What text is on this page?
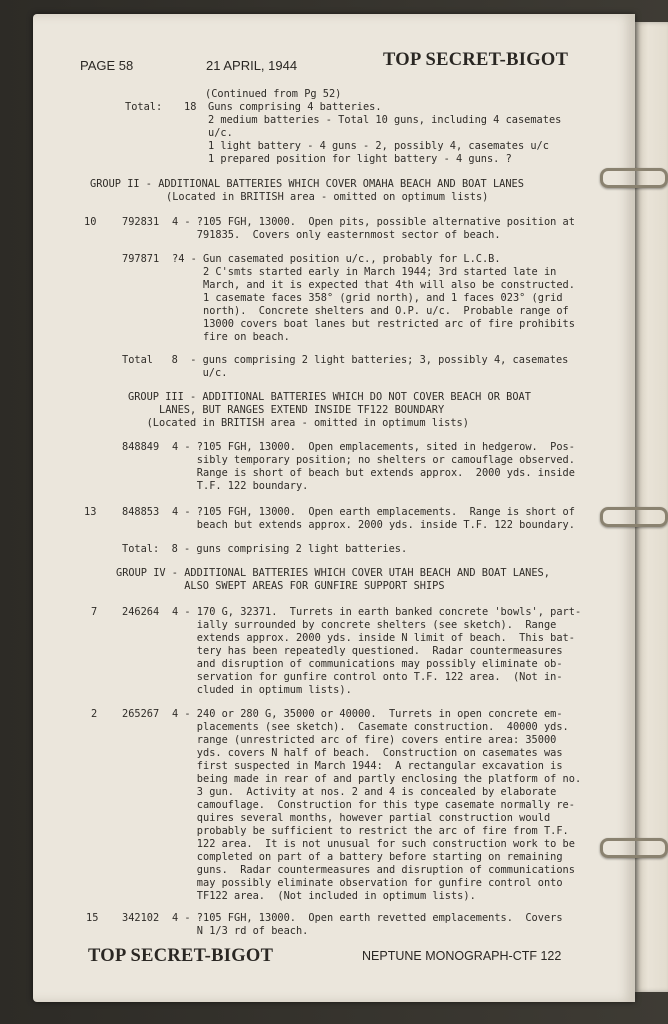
PAGE 58	21 APRIL, 1944	TOP SECRET-BIGOT
(Continued from Pg 52)
Total: 18 Guns comprising 4 batteries.
2 medium batteries - Total 10 guns, including 4 casemates
u/c.
1 light battery - 4 guns - 2, possibly 4, casemates u/c
1 prepared position for light battery - 4 guns. ?
GROUP II - ADDITIONAL BATTERIES WHICH COVER OMAHA BEACH AND BOAT LANES
(Located in BRITISH area - omitted on optimum lists)
10 792831 4 - ?105 FGH, 13000.  Open pits, possible alternative position at
791835.  Covers only easternmost sector of beach.
797871 ?4 - Gun casemated position u/c., probably for L.C.B.
2 C'smts started early in March 1944; 3rd started late in
March, and it is expected that 4th will also be constructed.
1 casemate faces 358° (grid north), and 1 faces 023° (grid
north).  Concrete shelters and O.P. u/c.  Probable range of
13000 covers boat lanes but restricted arc of fire prohibits
fire on beach.
Total   8  - guns comprising 2 light batteries; 3, possibly 4, casemates
u/c.
GROUP III - ADDITIONAL BATTERIES WHICH DO NOT COVER BEACH OR BOAT
LANES, BUT RANGES EXTEND INSIDE TF122 BOUNDARY
(Located in BRITISH area - omitted in optimum lists)
848849 4 - ?105 FGH, 13000.  Open emplacements, sited in hedgerow.  Pos-
sibly temporary position; no shelters or camouflage observed.
Range is short of beach but extends approx.  2000 yds. inside
T.F. 122 boundary.
13 848853 4 - ?105 FGH, 13000.  Open earth emplacements.  Range is short of
beach but extends approx. 2000 yds. inside T.F. 122 boundary.
Total:  8 - guns comprising 2 light batteries.
GROUP IV - ADDITIONAL BATTERIES WHICH COVER UTAH BEACH AND BOAT LANES,
ALSO SWEPT AREAS FOR GUNFIRE SUPPORT SHIPS
7 246264 4 - 170 G, 32371.  Turrets in earth banked concrete 'bowls', part-
ially surrounded by concrete shelters (see sketch).  Range
extends approx. 2000 yds. inside N limit of beach.  This bat-
tery has been repeatedly questioned.  Radar countermeasures
and disruption of communications may possibly eliminate ob-
servation for gunfire control onto T.F. 122 area.  (Not in-
cluded in optimum lists).
2 265267 4 - 240 or 280 G, 35000 or 40000.  Turrets in open concrete em-
placements (see sketch).  Casemate construction.  40000 yds.
range (unrestricted arc of fire) covers entire area: 35000
yds. covers N half of beach.  Construction on casemates was
first suspected in March 1944:  A rectangular excavation is
being made in rear of and partly enclosing the platform of no.
3 gun.  Activity at nos. 2 and 4 is concealed by elaborate
camouflage.  Construction for this type casemate normally re-
quires several months, however partial construction would
probably be sufficient to restrict the arc of fire from T.F.
122 area.  It is not unusual for such construction work to be
completed on part of a battery before starting on remaining
guns.  Radar countermeasures and disruption of communications
may possibly eliminate observation for gunfire control onto
TF122 area.  (Not included in optimum lists).
15 342102 4 - ?105 FGH, 13000.  Open earth revetted emplacements.  Covers
N 1/3 rd of beach.
TOP SECRET-BIGOT	NEPTUNE MONOGRAPH-CTF 122
